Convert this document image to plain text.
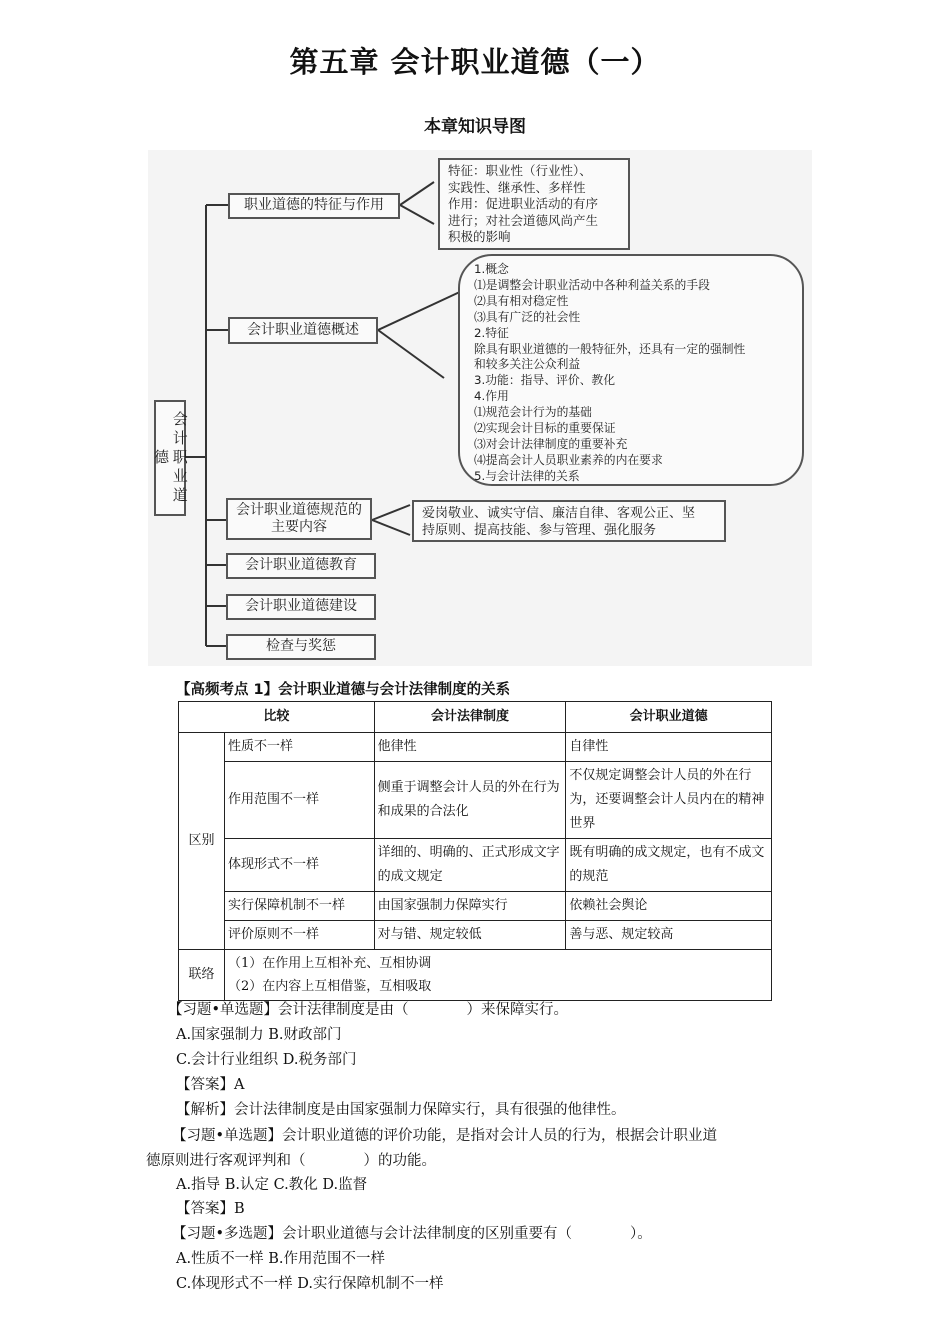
第五章 会计职业道德（一）
本章知识导图
会计职业道德
职业道德的特征与作用
会计职业道德概述
会计职业道德规范的
主要内容
会计职业道德教育
会计职业道德建设
检查与奖惩
特征：职业性（行业性）、
实践性、继承性、多样性
作用：促进职业活动的有序
进行；对社会道德风尚产生
积极的影响
1.概念
⑴是调整会计职业活动中各种利益关系的手段
⑵具有相对稳定性
⑶具有广泛的社会性
2.特征
除具有职业道德的一般特征外，还具有一定的强制性
和较多关注公众利益
3.功能：指导、评价、教化
4.作用
⑴规范会计行为的基础
⑵实现会计目标的重要保证
⑶对会计法律制度的重要补充
⑷提高会计人员职业素养的内在要求
5.与会计法律的关系
爱岗敬业、诚实守信、廉洁自律、客观公正、坚
持原则、提高技能、参与管理、强化服务
【高频考点 1】会计职业道德与会计法律制度的关系
比较		会计法律制度	会计职业道德
区别	性质不一样	他律性	自律性
	作用范围不一样	侧重于调整会计人员的外在行为和成果的合法化	不仅规定调整会计人员的外在行为，还要调整会计人员内在的精神世界
	体现形式不一样	详细的、明确的、正式形成文字的成文规定	既有明确的成文规定，也有不成文的规范
	实行保障机制不一样	由国家强制力保障实行	依赖社会舆论
	评价原则不一样	对与错、规定较低	善与恶、规定较高
联络	（1）在作用上互相补充、互相协调
（2）在内容上互相借鉴，互相吸取		
【习题•单选题】会计法律制度是由（　　　　）来保障实行。
A.国家强制力 B.财政部门
C.会计行业组织 D.税务部门
【答案】A
【解析】会计法律制度是由国家强制力保障实行，具有很强的他律性。
【习题•单选题】会计职业道德的评价功能，是指对会计人员的行为，根据会计职业道
德原则进行客观评判和（　　　　）的功能。
A.指导 B.认定 C.教化 D.监督
【答案】B
【习题•多选题】会计职业道德与会计法律制度的区别重要有（　　　　）。
A.性质不一样 B.作用范围不一样
C.体现形式不一样 D.实行保障机制不一样
